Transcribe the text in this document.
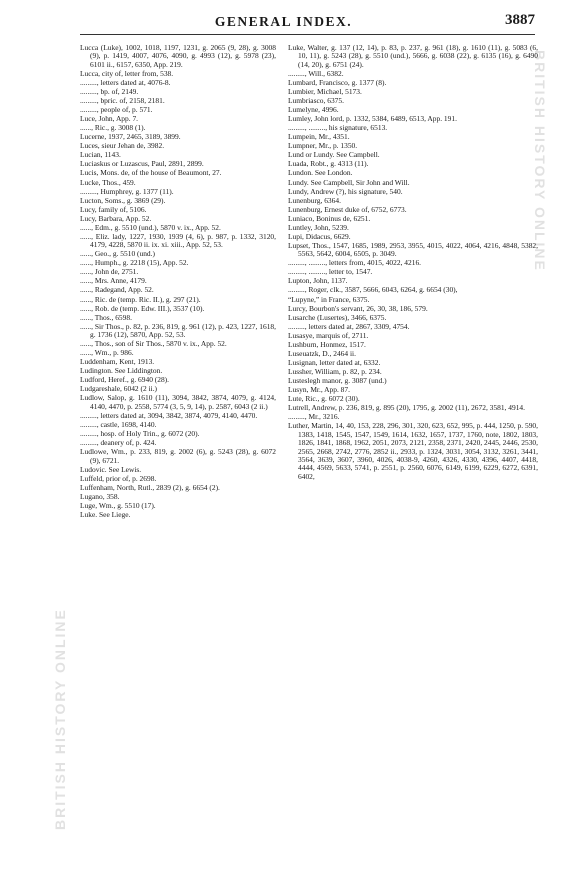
GENERAL INDEX.	3887
BRITISH HISTORY ONLINE
BRITISH HISTORY ONLINE
Lucca (Luke), 1002, 1018, 1197, 1231, g. 2065 (9, 28), g. 3008 (9), p. 1419, 4007, 4076, 4090, g. 4993 (12), g. 5978 (23), 6101 ii., 6157, 6350, App. 219.
Lucca, city of, letter from, 538.
........., letters dated at, 4076-8.
........., bp. of, 2149.
........., bpric. of, 2158, 2181.
........., people of, p. 571.
Luce, John, App. 7.
......, Ric., g. 3008 (1).
Lucerne, 1937, 2465, 3189, 3899.
Luces, sieur Jehan de, 3982.
Lucian, 1143.
Luciaskus or Luzascus, Paul, 2891, 2899.
Lucis, Mons. de, of the house of Beaumont, 27.
Lucke, Thos., 459.
........., Humphrey, g. 1377 (11).
Lucton, Soms., g. 3869 (29).
Lucy, family of, 5106.
Lucy, Barbara, App. 52.
......, Edm., g. 5510 (und.), 5870 v. ix., App. 52.
......, Eliz. lady, 1227, 1930, 1939 (4, 6), p. 987, p. 1332, 3120, 4179, 4228, 5870 ii. ix. xi. xiii., App. 52, 53.
......, Geo., g. 5510 (und.)
......, Humph., g. 2218 (15), App. 52.
......, John de, 2751.
......, Mrs. Anne, 4179.
......, Radegand, App. 52.
......, Ric. de (temp. Ric. II.), g. 297 (21).
......, Rob. de (temp. Edw. III.), 3537 (10).
......, Thos., 6598.
......, Sir Thos., p. 82, p. 236, 819, g. 961 (12), p. 423, 1227, 1618, g. 1736 (12), 5870, App. 52, 53.
......, Thos., son of Sir Thos., 5870 v. ix., App. 52.
......, Wm., p. 986.
Luddenham, Kent, 1913.
Ludington. See Liddington.
Ludford, Heref., g. 6940 (28).
Ludgareshale, 6042 (2 ii.)
Ludlow, Salop, g. 1610 (11), 3094, 3842, 3874, 4079, g. 4124, 4140, 4470, p. 2558, 5774 (3, 5, 9, 14), p. 2587, 6043 (2 ii.)
........., letters dated at, 3094, 3842, 3874, 4079, 4140, 4470.
........., castle, 1698, 4140.
........., hosp. of Holy Trin., g. 6072 (20).
........., deanery of, p. 424.
Ludlowe, Wm., p. 233, 819, g. 2002 (6), g. 5243 (28), g. 6072 (9), 6721.
Ludovic. See Lewis.
Luffeld, prior of, p. 2698.
Luffenham, North, Rutl., 2839 (2), g. 6654 (2).
Lugano, 358.
Luge, Wm., g. 5510 (17).
Luke. See Liege.
Luke, Walter, g. 137 (12, 14), p. 83, p. 237, g. 961 (18), g. 1610 (11), g. 5083 (6, 10, 11), g. 5243 (28), g. 5510 (und.), 5666, g. 6038 (22), g. 6135 (16), g. 6490 (14, 20), g. 6751 (24).
........., Will., 6382.
Lumbard, Francisco, g. 1377 (8).
Lumbier, Michael, 5173.
Lumbriasco, 6375.
Lumelyne, 4996.
Lumley, John lord, p. 1332, 5384, 6489, 6513, App. 191.
........., ........., his signature, 6513.
Lumpein, Mr., 4351.
Lumpner, Mr., p. 1350.
Lund or Lundy. See Campbell.
Luada, Robt., g. 4313 (11).
Lundon. See London.
Lundy. See Campbell, Sir John and Will.
Lundy, Andrew (?), his signature, 540.
Lunenburg, 6364.
Lunenburg, Ernest duke of, 6752, 6773.
Luniaco, Boninus de, 6251.
Luntley, John, 5239.
Lupi, Didacus, 6629.
Lupset, Thos., 1547, 1685, 1989, 2953, 3955, 4015, 4022, 4064, 4216, 4848, 5382, 5563, 5642, 6004, 6505, p. 3049.
........., ........., letters from, 4015, 4022, 4216.
........., ........., letter to, 1547.
Lupton, John, 1137.
........., Roger, clk., 3587, 5666, 6043, 6264, g. 6654 (30),
“Lupyne,” in France, 6375.
Lurcy, Bourbon's servant, 26, 30, 38, 186, 579.
Lusarche (Lusertes), 3466, 6375.
........., letters dated at, 2867, 3309, 4754.
Lusasye, marquis of, 2711.
Lushburn, Honmez, 1517.
Luseuatzk, D., 2464 ii.
Lusignan, letter dated at, 6332.
Lussher, William, p. 82, p. 234.
Lusteslegh manor, g. 3087 (und.)
Lusyn, Mr., App. 87.
Lute, Ric., g. 6072 (30).
Lutrell, Andrew, p. 236, 819, g. 895 (20), 1795, g. 2002 (11), 2672, 3581, 4914.
........., Mr., 3216.
Luther, Martin, 14, 40, 153, 228, 296, 301, 320, 623, 652, 995, p. 444, 1250, p. 590, 1383, 1418, 1545, 1547, 1549, 1614, 1632, 1657, 1737, 1760, note, 1802, 1803, 1826, 1841, 1868, 1962, 2051, 2073, 2121, 2358, 2371, 2420, 2445, 2446, 2530, 2565, 2668, 2742, 2776, 2852 ii., 2933, p. 1324, 3031, 3054, 3132, 3261, 3441, 3564, 3639, 3607, 3960, 4026, 4038-9, 4260, 4326, 4330, 4396, 4407, 4418, 4444, 4569, 5633, 5741, p. 2551, p. 2560, 6076, 6149, 6199, 6229, 6272, 6391, 6402,
